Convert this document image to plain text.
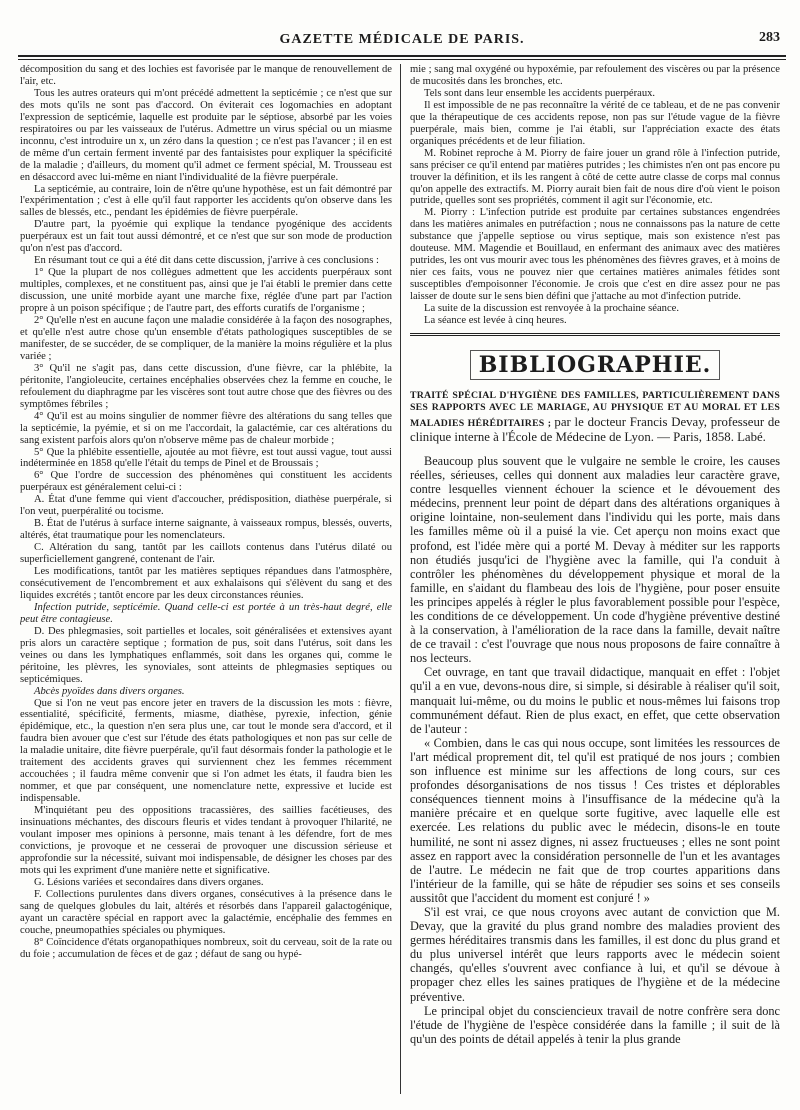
GAZETTE MÉDICALE DE PARIS.	283

décomposition du sang et des lochies est favorisée par le manque de renouvellement de l'air, etc.

Tous les autres orateurs qui m'ont précédé admettent la septicémie ; ce n'est que sur des mots qu'ils ne sont pas d'accord. On éviterait ces logomachies en adoptant l'expression de septicémie, laquelle est produite par le séptiose, absorbé par les voies respiratoires ou par les vaisseaux de l'utérus. Admettre un virus spécial ou un miasme inconnu, c'est introduire un x, un zéro dans la question ; ce n'est pas l'avancer ; il en est de même d'un certain ferment inventé par des fantaisistes pour expliquer la spécificité de la maladie ; d'ailleurs, du moment qu'il admet ce ferment spécial, M. Trousseau est en désaccord avec lui-même en niant l'individualité de la fièvre puerpérale.

La septicémie, au contraire, loin de n'être qu'une hypothèse, est un fait démontré par l'expérimentation ; c'est à elle qu'il faut rapporter les accidents qu'on observe dans les salles de blessés, etc., pendant les épidémies de fièvre puerpérale.

D'autre part, la pyoémie qui explique la tendance pyogénique des accidents puerpéraux est un fait tout aussi démontré, et ce n'est que sur son mode de production qu'on n'est pas d'accord.

En résumant tout ce qui a été dit dans cette discussion, j'arrive à ces conclusions :

1° Que la plupart de nos collègues admettent que les accidents puerpéraux sont multiples, complexes, et ne constituent pas, ainsi que je l'ai établi le premier dans cette discussion, une unité morbide ayant une marche fixe, réglée d'une part par l'action propre à un poison spécifique ; de l'autre part, des efforts curatifs de l'organisme ;

2° Qu'elle n'est en aucune façon une maladie considérée à la façon des nosographes, et qu'elle n'est autre chose qu'un ensemble d'états pathologiques susceptibles de se manifester, de se succéder, de se compliquer, de la manière la moins régulière et la plus variée ;

3° Qu'il ne s'agit pas, dans cette discussion, d'une fièvre, car la phlébite, la péritonite, l'angioleucite, certaines encéphalies observées chez la femme en couche, le refoulement du diaphragme par les viscères sont tout autre chose que des fièvres ou des symptômes fébriles ;

4° Qu'il est au moins singulier de nommer fièvre des altérations du sang telles que la septicémie, la pyémie, et si on me l'accordait, la galactémie, car ces altérations du sang existent parfois alors qu'on n'observe même pas de chaleur morbide ;

5° Que la phlébite essentielle, ajoutée au mot fièvre, est tout aussi vague, tout aussi indéterminée en 1858 qu'elle l'était du temps de Pinel et de Broussais ;

6° Que l'ordre de succession des phénomènes qui constituent les accidents puerpéraux est généralement celui-ci :

A. État d'une femme qui vient d'accoucher, prédisposition, diathèse puerpérale, si l'on veut, puerpéralité ou tocisme.

B. État de l'utérus à surface interne saignante, à vaisseaux rompus, blessés, ouverts, altérés, état traumatique pour les nomenclateurs.

C. Altération du sang, tantôt par les caillots contenus dans l'utérus dilaté ou superficiellement gangrené, contenant de l'air.

Les modifications, tantôt par les matières septiques répandues dans l'atmosphère, consécutivement de l'encombrement et aux exhalaisons qui s'élèvent du sang et des liquides excrétés ; tantôt encore par les deux circonstances réunies.

Infection putride, septicémie. Quand celle-ci est portée à un très-haut degré, elle peut être contagieuse.

D. Des phlegmasies, soit partielles et locales, soit généralisées et extensives ayant pris alors un caractère septique ; formation de pus, soit dans l'utérus, soit dans les veines ou dans les lymphatiques enflammés, soit dans les organes qui, comme le péritoine, les plèvres, les synoviales, sont atteints de phlegmasies septiques ou septicémiques.

Abcès pyoïdes dans divers organes.

Que si l'on ne veut pas encore jeter en travers de la discussion les mots : fièvre, essentialité, spécificité, ferments, miasme, diathèse, pyrexie, infection, génie épidémique, etc., la question n'en sera plus une, car tout le monde sera d'accord, et il faudra bien avouer que c'est sur l'étude des états pathologiques et non pas sur celle de la maladie unitaire, dite fièvre puerpérale, qu'il faut désormais fonder la pathologie et le traitement des accidents graves qui surviennent chez les femmes récemment accouchées ; il faudra même convenir que si l'on admet les états, il faudra bien les nommer, et que par conséquent, une nomenclature nette, expressive et lucide est indispensable.

M'inquiétant peu des oppositions tracassières, des saillies facétieuses, des insinuations méchantes, des discours fleuris et vides tendant à provoquer l'hilarité, ne voulant imposer mes opinions à personne, mais tenant à les défendre, fort de mes convictions, je provoque et ne cesserai de provoquer une discussion sérieuse et approfondie sur la nécessité, suivant moi indispensable, de désigner les choses par des mots qui les expriment d'une manière nette et significative.

G. Lésions variées et secondaires dans divers organes.

F. Collections purulentes dans divers organes, consécutives à la présence dans le sang de quelques globules du lait, altérés et résorbés dans l'appareil galactogénique, ayant un caractère spécial en rapport avec la galactémie, encéphalie des femmes en couche, pneumopathies spéciales ou phymiques.

8° Coïncidence d'états organopathiques nombreux, soit du cerveau, soit de la rate ou du foie ; accumulation de fèces et de gaz ; défaut de sang ou hypé-

mie ; sang mal oxygéné ou hypoxémie, par refoulement des viscères ou par la présence de mucosités dans les bronches, etc.

Tels sont dans leur ensemble les accidents puerpéraux.

Il est impossible de ne pas reconnaître la vérité de ce tableau, et de ne pas convenir que la thérapeutique de ces accidents repose, non pas sur l'étude vague de la fièvre puerpérale, mais bien, comme je l'ai établi, sur l'appréciation exacte des états organiques précédents et de leur filiation.

M. Robinet reproche à M. Piorry de faire jouer un grand rôle à l'infection putride, sans préciser ce qu'il entend par matières putrides ; les chimistes n'en ont pas encore pu trouver la définition, et ils les rangent à côté de cette autre classe de corps mal connus qu'on appelle des extractifs. M. Piorry aurait bien fait de nous dire d'où vient le poison putride, quelles sont ses propriétés, comment il agit sur l'économie, etc.

M. Piorry : L'infection putride est produite par certaines substances engendrées dans les matières animales en putréfaction ; nous ne connaissons pas la nature de cette substance que j'appelle septiose ou virus septique, mais son existence n'est pas douteuse. MM. Magendie et Bouillaud, en enfermant des animaux avec des matières putrides, les ont vus mourir avec tous les phénomènes des fièvres graves, et à moins de nier ces faits, vous ne pouvez nier que certaines matières animales fétides sont susceptibles d'empoisonner l'économie. Je crois que c'est en dire assez pour ne pas laisser de doute sur le sens bien défini que j'attache au mot d'infection putride.

La suite de la discussion est renvoyée à la prochaine séance.

La séance est levée à cinq heures.

BIBLIOGRAPHIE.

TRAITÉ SPÉCIAL D'HYGIÈNE DES FAMILLES, PARTICULIÈREMENT DANS SES RAPPORTS AVEC LE MARIAGE, AU PHYSIQUE ET AU MORAL ET LES MALADIES HÉRÉDITAIRES ; par le docteur Francis Devay, professeur de clinique interne à l'École de Médecine de Lyon. — Paris, 1858. Labé.

Beaucoup plus souvent que le vulgaire ne semble le croire, les causes réelles, sérieuses, celles qui donnent aux maladies leur caractère grave, contre lesquelles viennent échouer la science et le dévouement des médecins, prennent leur point de départ dans des altérations organiques à origine lointaine, non-seulement dans l'individu qui les porte, mais dans les familles même où il a puisé la vie. Cet aperçu non moins exact que profond, est l'idée mère qui a porté M. Devay à méditer sur les rapports non étudiés jusqu'ici de l'hygiène avec la famille, qui l'a conduit à contrôler les phénomènes du développement physique et moral de la famille, en s'aidant du flambeau des lois de l'hygiène, pour poser ensuite les principes appelés à régler le plus favorablement possible pour l'espèce, les conditions de ce développement. Un code d'hygiène préventive destiné à la conservation, à l'amélioration de la race dans la famille, devait naître de ce travail : c'est l'ouvrage que nous nous proposons de faire connaître à nos lecteurs.

Cet ouvrage, en tant que travail didactique, manquait en effet : l'objet qu'il a en vue, devons-nous dire, si simple, si désirable à réaliser qu'il soit, manquait lui-même, ou du moins le public et nous-mêmes lui faisons trop communément défaut. Rien de plus exact, en effet, que cette observation de l'auteur :

« Combien, dans le cas qui nous occupe, sont limitées les ressources de l'art médical proprement dit, tel qu'il est pratiqué de nos jours ; combien son influence est minime sur les affections de long cours, sur ces profondes désorganisations de nos tissus ! Ces tristes et déplorables conséquences tiennent moins à l'insuffisance de la médecine qu'à la manière précaire et en quelque sorte fugitive, avec laquelle elle est exercée. Les relations du public avec le médecin, disons-le en toute humilité, ne sont ni assez dignes, ni assez fructueuses ; elles ne sont point assez en rapport avec la considération personnelle de l'un et les avantages de l'autre. Le médecin ne fait que de trop courtes apparitions dans l'intérieur de la famille, qui se hâte de répudier ses soins et ses conseils aussitôt que l'accident du moment est conjuré ! »

S'il est vrai, ce que nous croyons avec autant de conviction que M. Devay, que la gravité du plus grand nombre des maladies provient des germes héréditaires transmis dans les familles, il est donc du plus grand et du plus universel intérêt que leurs rapports avec le médecin soient changés, qu'elles s'ouvrent avec confiance à lui, et qu'il se dévoue à propager chez elles les saines pratiques de l'hygiène et de la médecine préventive.

Le principal objet du consciencieux travail de notre confrère sera donc l'étude de l'hygiène de l'espèce considérée dans la famille ; il suit de là qu'un des points de détail appelés à tenir la plus grande
